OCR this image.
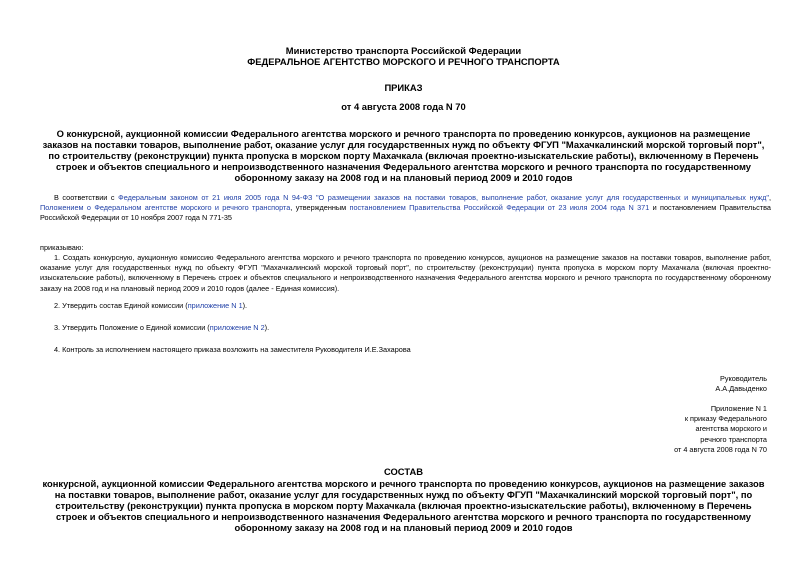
Министерство транспорта Российской Федерации
ФЕДЕРАЛЬНОЕ АГЕНТСТВО МОРСКОГО И РЕЧНОГО ТРАНСПОРТА
ПРИКАЗ
от 4 августа 2008 года N 70
О конкурсной, аукционной комиссии Федерального агентства морского и речного транспорта по проведению конкурсов, аукционов на размещение заказов на поставки товаров, выполнение работ, оказание услуг для государственных нужд по объекту ФГУП "Махачкалинский морской торговый порт", по строительству (реконструкции) пункта пропуска в морском порту Махачкала (включая проектно-изыскательские работы), включенному в Перечень строек и объектов специального и непроизводственного назначения Федерального агентства морского и речного транспорта по государственному оборонному заказу на 2008 год и на плановый период 2009 и 2010 годов
В соответствии с Федеральным законом от 21 июля 2005 года N 94-ФЗ "О размещении заказов на поставки товаров, выполнение работ, оказание услуг для государственных и муниципальных нужд", Положением о Федеральном агентстве морского и речного транспорта, утвержденным постановлением Правительства Российской Федерации от 23 июля 2004 года N 371 и постановлением Правительства Российской Федерации от 10 ноября 2007 года N 771-35
приказываю:
1. Создать конкурсную, аукционную комиссию Федерального агентства морского и речного транспорта по проведению конкурсов, аукционов на размещение заказов на поставки товаров, выполнение работ, оказание услуг для государственных нужд по объекту ФГУП "Махачкалинский морской торговый порт", по строительству (реконструкции) пункта пропуска в морском порту Махачкала (включая проектно-изыскательские работы), включенному в Перечень строек и объектов специального и непроизводственного назначения Федерального агентства морского и речного транспорта по государственному оборонному заказу на 2008 год и на плановый период 2009 и 2010 годов (далее - Единая комиссия).
2. Утвердить состав Единой комиссии (приложение N 1).
3. Утвердить Положение о Единой комиссии (приложение N 2).
4. Контроль за исполнением настоящего приказа возложить на заместителя Руководителя И.Е.Захарова
Руководитель
А.А.Давыденко
Приложение N 1
к приказу Федерального
агентства морского и
речного транспорта
от 4 августа 2008 года N 70
СОСТАВ
конкурсной, аукционной комиссии Федерального агентства морского и речного транспорта по проведению конкурсов, аукционов на размещение заказов на поставки товаров, выполнение работ, оказание услуг для государственных нужд по объекту ФГУП "Махачкалинский морской торговый порт", по строительству (реконструкции) пункта пропуска в морском порту Махачкала (включая проектно-изыскательские работы), включенному в Перечень строек и объектов специального и непроизводственного назначения Федерального агентства морского и речного транспорта по государственному оборонному заказу на 2008 год и на плановый период 2009 и 2010 годов
